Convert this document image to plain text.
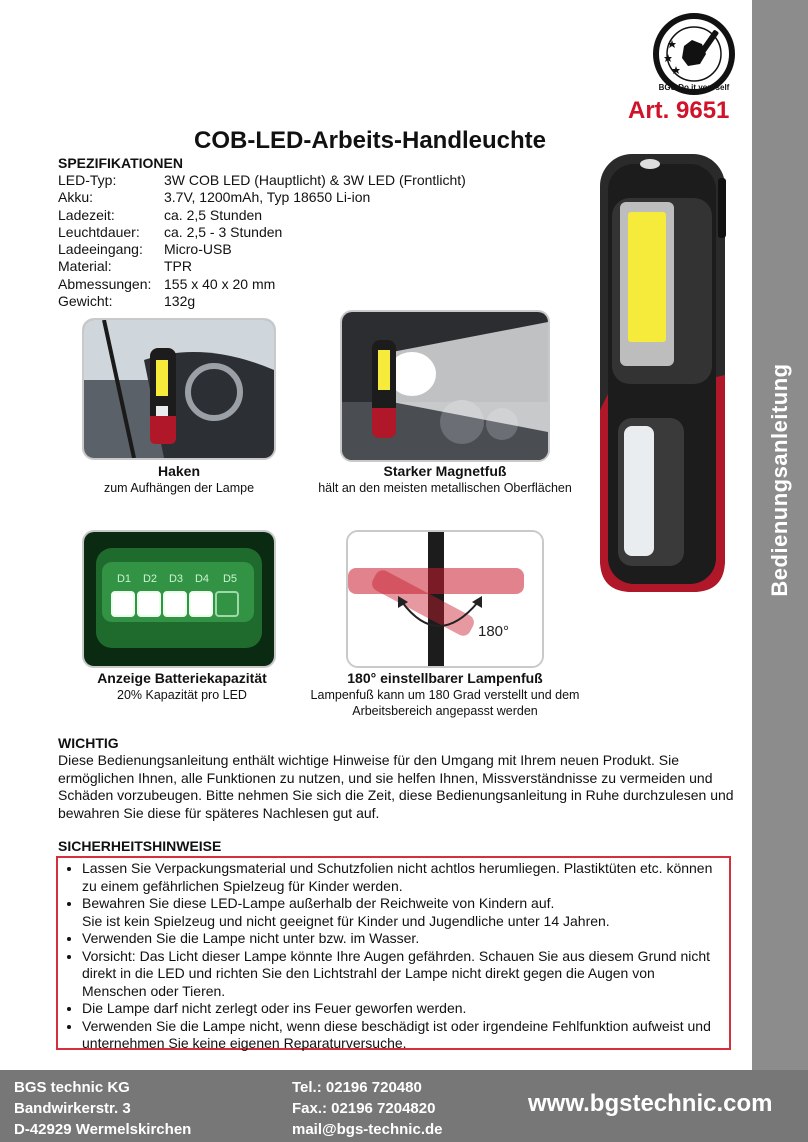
Bedienungsanleitung
BGS Do it yourself
Art. 9651
COB-LED-Arbeits-Handleuchte
SPEZIFIKATIONEN
LED-Typ:	3W COB LED (Hauptlicht) & 3W LED (Frontlicht)
Akku:	3.7V, 1200mAh, Typ 18650 Li-ion
Ladezeit:	ca. 2,5 Stunden
Leuchtdauer:	ca. 2,5 - 3 Stunden
Ladeeingang:	Micro-USB
Material:	TPR
Abmessungen:	155 x 40 x 20 mm
Gewicht:	132g
D1 D2 D3 D4 D5
180°
Haken
zum Aufhängen der Lampe
Starker Magnetfuß
hält an den meisten metallischen Oberflächen
Anzeige Batteriekapazität
20% Kapazität pro LED
180° einstellbarer Lampenfuß
Lampenfuß kann um 180 Grad verstellt und dem Arbeitsbereich angepasst werden
WICHTIG
Diese Bedienungsanleitung enthält wichtige Hinweise für den Umgang mit Ihrem neuen Produkt. Sie ermöglichen Ihnen, alle Funktionen zu nutzen, und sie helfen Ihnen, Missverständnisse zu vermeiden und Schäden vorzubeugen. Bitte nehmen Sie sich die Zeit, diese Bedienungsanleitung in Ruhe durchzulesen und bewahren Sie diese für späteres Nachlesen gut auf.
SICHERHEITSHINWEISE
• Lassen Sie Verpackungsmaterial und Schutzfolien nicht achtlos herumliegen. Plastiktüten etc. können zu einem gefährlichen Spielzeug für Kinder werden.
• Bewahren Sie diese LED-Lampe außerhalb der Reichweite von Kindern auf.
Sie ist kein Spielzeug und nicht geeignet für Kinder und Jugendliche unter 14 Jahren.
• Verwenden Sie die Lampe nicht unter bzw. im Wasser.
• Vorsicht: Das Licht dieser Lampe könnte Ihre Augen gefährden. Schauen Sie aus diesem Grund nicht direkt in die LED und richten Sie den Lichtstrahl der Lampe nicht direkt gegen die Augen von Menschen oder Tieren.
• Die Lampe darf nicht zerlegt oder ins Feuer geworfen werden.
• Verwenden Sie die Lampe nicht, wenn diese beschädigt ist oder irgendeine Fehlfunktion aufweist und unternehmen Sie keine eigenen Reparaturversuche.
BGS technic KG
Bandwirkerstr. 3
D-42929 Wermelskirchen
Tel.: 02196 720480
Fax.: 02196 7204820
mail@bgs-technic.de
www.bgstechnic.com
